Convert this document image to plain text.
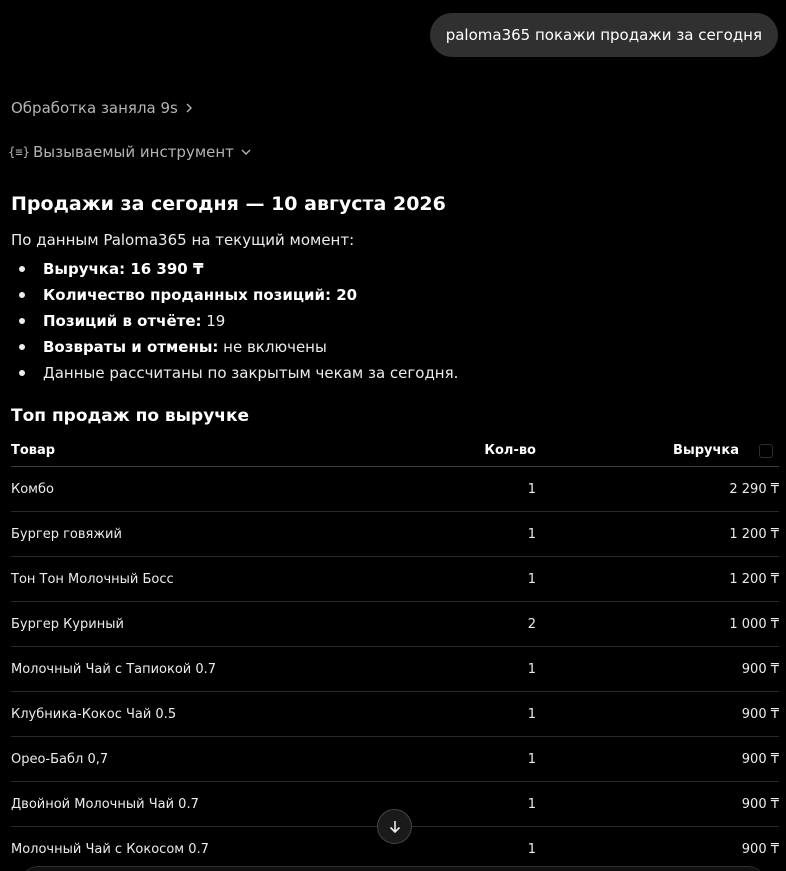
paloma365 покажи продажи за сегодня
Обработка заняла 9s
{≡} Вызываемый инструмент
Продажи за сегодня — 10 августа 2026

По данным Paloma365 на текущий момент:

Выручка: 16 390 ₸
Количество проданных позиций: 20
Позиций в отчёте: 19
Возвраты и отмены: не включены
Данные рассчитаны по закрытым чекам за сегодня.
Топ продаж по выручке
Товар	Кол-во	Выручка
Комбо	1	2 290 ₸
Бургер говяжий	1	1 200 ₸
Тон Тон Молочный Босс	1	1 200 ₸
Бургер Куриный	2	1 000 ₸
Молочный Чай с Тапиокой 0.7	1	900 ₸
Клубника-Кокос Чай 0.5	1	900 ₸
Орео-Бабл 0,7	1	900 ₸
Двойной Молочный Чай 0.7	1	900 ₸
Молочный Чай с Кокосом 0.7	1	900 ₸
